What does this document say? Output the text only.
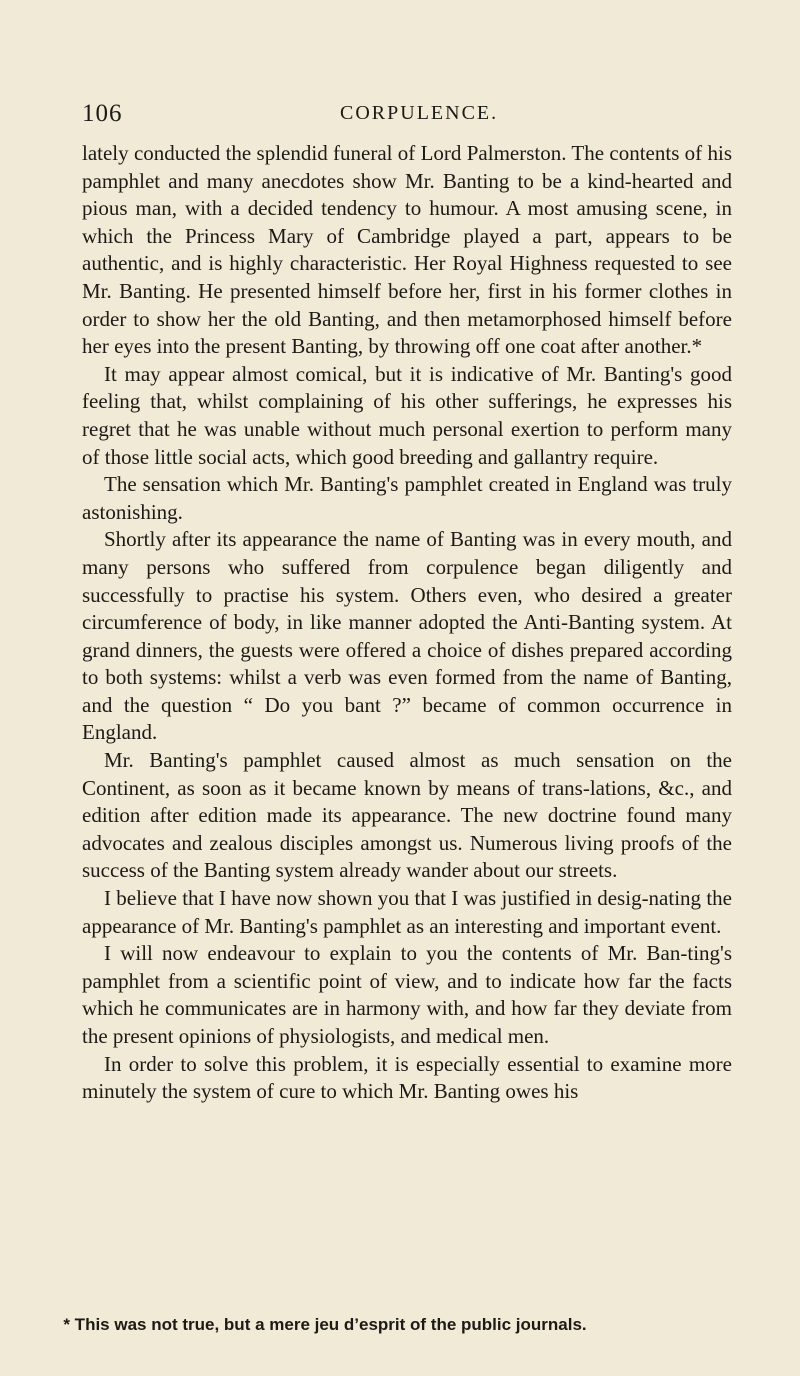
106	CORPULENCE.

lately conducted the splendid funeral of Lord Palmerston. The contents of his pamphlet and many anecdotes show Mr. Banting to be a kind-hearted and pious man, with a decided tendency to humour. A most amusing scene, in which the Princess Mary of Cambridge played a part, appears to be authentic, and is highly characteristic. Her Royal Highness requested to see Mr. Banting. He presented himself before her, first in his former clothes in order to show her the old Banting, and then metamorphosed himself before her eyes into the present Banting, by throwing off one coat after another.*

It may appear almost comical, but it is indicative of Mr. Banting's good feeling that, whilst complaining of his other sufferings, he expresses his regret that he was unable without much personal exertion to perform many of those little social acts, which good breeding and gallantry require.

The sensation which Mr. Banting's pamphlet created in England was truly astonishing.

Shortly after its appearance the name of Banting was in every mouth, and many persons who suffered from corpulence began diligently and successfully to practise his system. Others even, who desired a greater circumference of body, in like manner adopted the Anti-Banting system. At grand dinners, the guests were offered a choice of dishes prepared according to both systems: whilst a verb was even formed from the name of Banting, and the question “ Do you bant ?” became of common occurrence in England.

Mr. Banting's pamphlet caused almost as much sensation on the Continent, as soon as it became known by means of trans-lations, &c., and edition after edition made its appearance. The new doctrine found many advocates and zealous disciples amongst us. Numerous living proofs of the success of the Banting system already wander about our streets.

I believe that I have now shown you that I was justified in desig-nating the appearance of Mr. Banting's pamphlet as an interesting and important event.

I will now endeavour to explain to you the contents of Mr. Ban-ting's pamphlet from a scientific point of view, and to indicate how far the facts which he communicates are in harmony with, and how far they deviate from the present opinions of physiologists, and medical men.

In order to solve this problem, it is especially essential to examine more minutely the system of cure to which Mr. Banting owes his

* This was not true, but a mere jeu d’esprit of the public journals.
